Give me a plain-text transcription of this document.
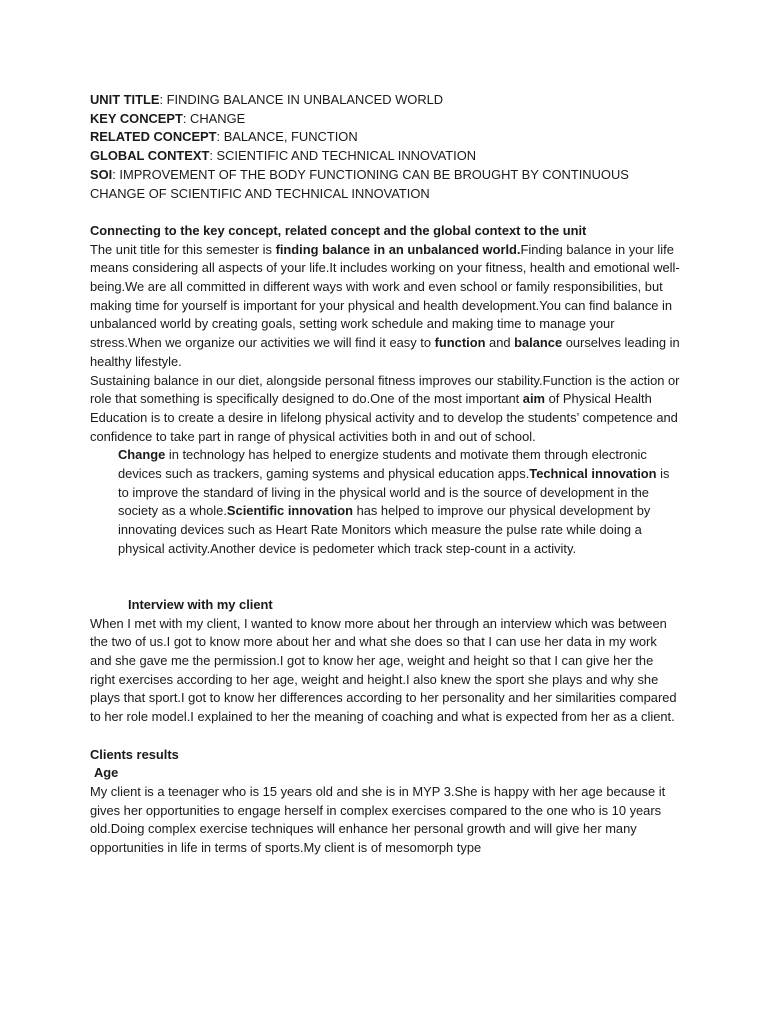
UNIT TITLE: FINDING BALANCE IN UNBALANCED WORLD
KEY CONCEPT: CHANGE
RELATED CONCEPT: BALANCE, FUNCTION
GLOBAL CONTEXT: SCIENTIFIC AND TECHNICAL INNOVATION
SOI: IMPROVEMENT OF THE BODY FUNCTIONING CAN BE BROUGHT BY CONTINUOUS
CHANGE OF SCIENTIFIC AND TECHNICAL INNOVATION
Connecting to the key concept, related concept and the global context to the unit

The unit title for this semester is finding balance in an unbalanced world.Finding balance in your life means considering all aspects of your life.It includes working on your fitness, health and emotional well-being.We are all committed in different ways with work and even school or family responsibilities, but making time for yourself is important for your physical and health development.You can find balance in unbalanced world by creating goals, setting work schedule and making time to manage your stress.When we organize our activities we will find it easy to function and balance ourselves leading in healthy lifestyle.

Sustaining balance in our diet, alongside personal fitness improves our stability.Function is the action or role that something is specifically designed to do.One of the most important aim of Physical Health Education is to create a desire in lifelong physical activity and to develop the students’ competence and confidence to take part in range of physical activities both in and out of school.

Change in technology has helped to energize students and motivate them through electronic devices such as trackers, gaming systems and physical education apps.Technical innovation is to improve the standard of living in the physical world and is the source of development in the society as a whole.Scientific innovation has helped to improve our physical development by innovating devices such as Heart Rate Monitors which measure the pulse rate while doing a physical activity.Another device is pedometer which track step-count in a activity.

Interview with my client

When I met with my client, I wanted to know more about her through an interview which was between the two of us.I got to know more about her and what she does so that I can use her data in my work and she gave me the permission.I got to know her age, weight and height so that I can give her the right exercises according to her age, weight and height.I also knew the sport she plays and why she plays that sport.I got to know her differences according to her personality and her similarities compared to her role model.I explained to her the meaning of coaching and what is expected from her as a client.

Clients results
Age

My client is a teenager who is 15 years old and she is in MYP 3.She is happy with her age because it gives her opportunities to engage herself in complex exercises compared to the one who is 10 years old.Doing complex exercise techniques will enhance her personal growth and will give her many opportunities in life in terms of sports.My client is of mesomorph type
